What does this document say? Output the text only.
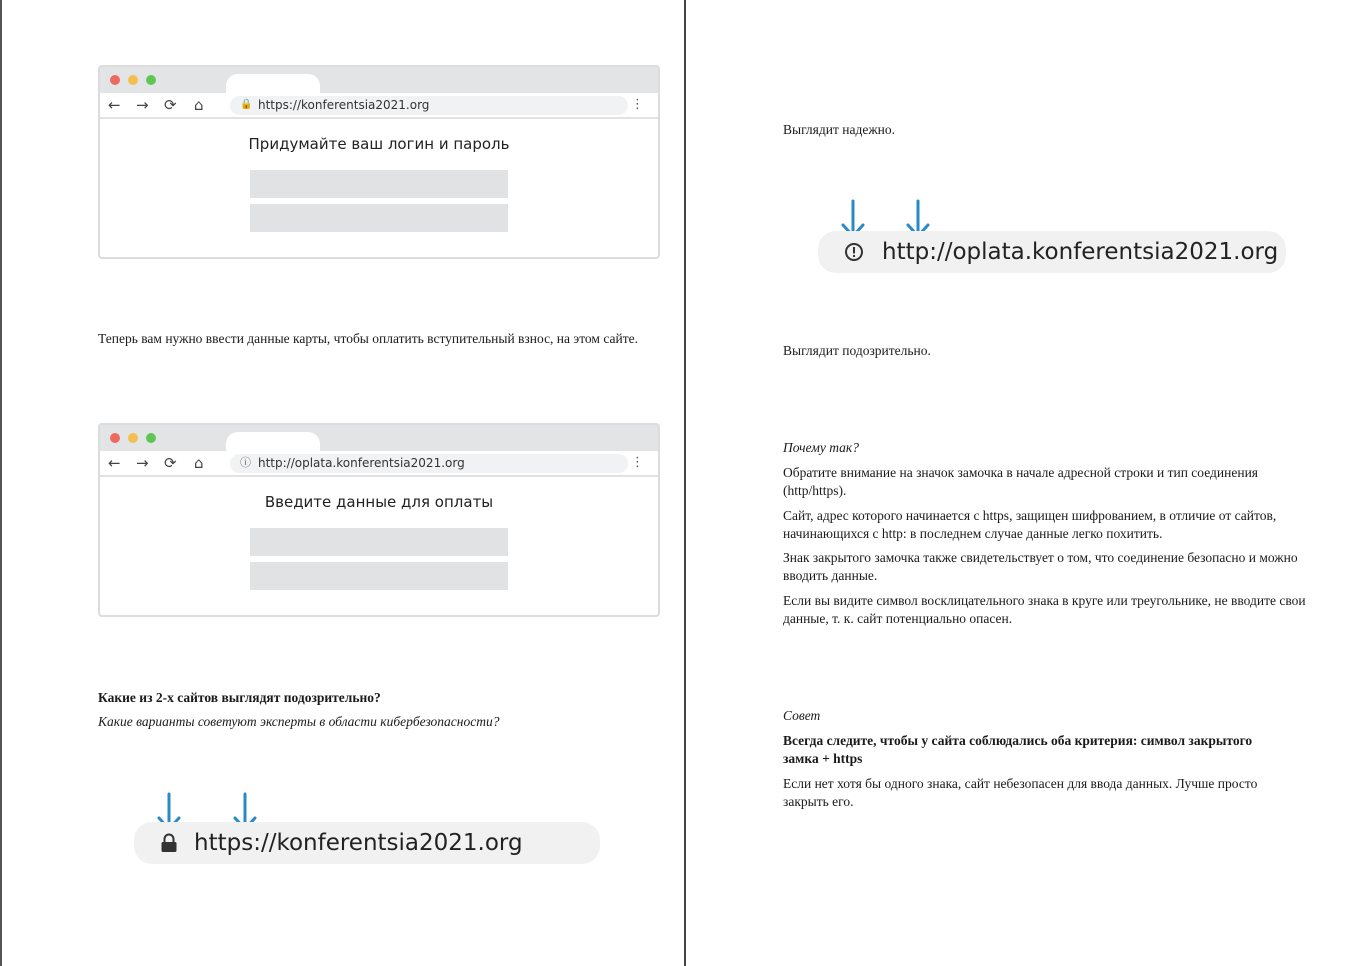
← → ⟳ ⌂	🔒 https://konferentsia2021.org	⋮
Придумайте ваш логин и пароль
Теперь вам нужно ввести данные карты, чтобы оплатить вступительный взнос, на этом сайте.
← → ⟳ ⌂	ⓘ http://oplata.konferentsia2021.org	⋮
Введите данные для оплаты
Какие из 2-х сайтов выглядят подозрительно?
Какие варианты советуют эксперты в области кибербезопасности?
https://konferentsia2021.org
Выглядит надежно.
http://oplata.konferentsia2021.org
Выглядит подозрительно.
Почему так?
Обратите внимание на значок замочка в начале адресной строки и тип соединения (http/https).
Сайт, адрес которого начинается с https, защищен шифрованием, в отличие от сайтов, начинающихся с http: в последнем случае данные легко похитить.
Знак закрытого замочка также свидетельствует о том, что соединение безопасно и можно вводить данные.
Если вы видите символ восклицательного знака в круге или треугольнике, не вводите свои данные, т. к. сайт потенциально опасен.
Совет
Всегда следите, чтобы у сайта соблюдались оба критерия: символ закрытого замка + https
Если нет хотя бы одного знака, сайт небезопасен для ввода данных. Лучше просто закрыть его.
